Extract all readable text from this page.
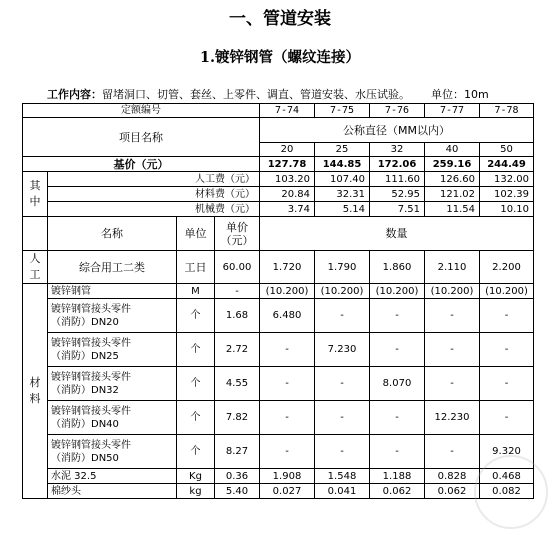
一、管道安装
1.镀锌钢管（螺纹连接）
工作内容：留堵洞口、切管、套丝、上零件、调直、管道安装、水压试验。 单位：10m
定额编号				7-74	7-75	7-76	7-77	7-78
项目名称				公称直径（MM以内）				
				20	25	32	40	50
基价（元）				127.78	144.85	172.06	259.16	244.49
其
中	人工费（元）			103.20	107.40	111.60	126.60	132.00
	材料费（元）			20.84	32.31	52.95	121.02	102.39
	机械费（元）			3.74	5.14	7.51	11.54	10.10
	名称	单位	单价
（元）	数量				
人
工	综合用工二类	工日	60.00	1.720	1.790	1.860	2.110	2.200
材
料	镀锌钢管	M	-	(10.200)	(10.200)	(10.200)	(10.200)	(10.200)
	镀锌钢管接头零件
（消防）DN20	个	1.68	6.480	-	-	-	-
	镀锌钢管接头零件
（消防）DN25	个	2.72	-	7.230	-	-	-
	镀锌钢管接头零件
（消防）DN32	个	4.55	-	-	8.070	-	-
	镀锌钢管接头零件
（消防）DN40	个	7.82	-	-	-	12.230	-
	镀锌钢管接头零件
（消防）DN50	个	8.27	-	-	-	-	9.320
	水泥 32.5	Kg	0.36	1.908	1.548	1.188	0.828	0.468
	棉纱头	kg	5.40	0.027	0.041	0.062	0.062	0.082
